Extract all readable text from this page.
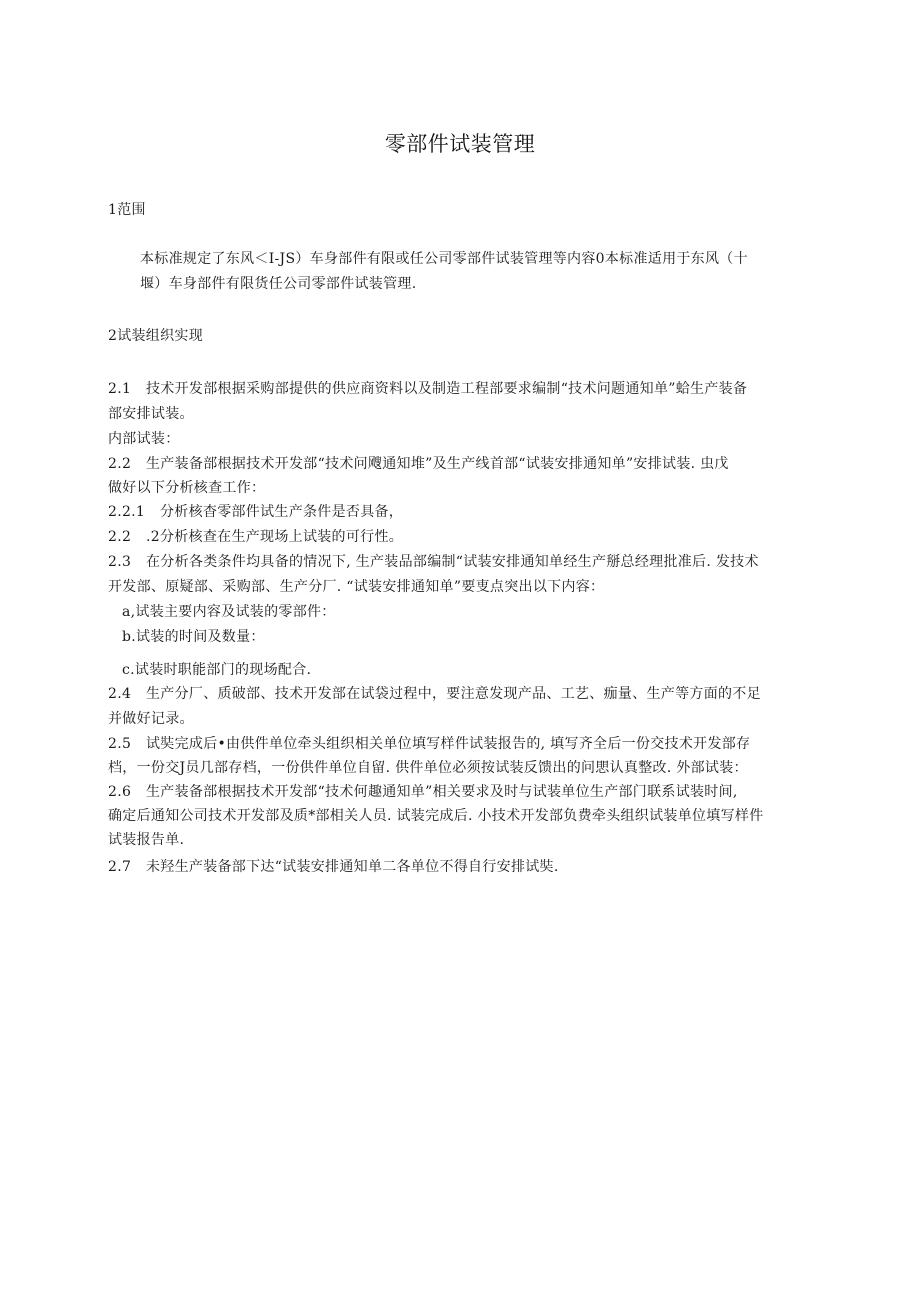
零部件试装管理
1范围
本标准规定了东风＜I-JS）车身部件有限或任公司零部件试装管理等内容0本标准适用于东风（十
堰）车身部件有限货任公司零部件试装管理.
2试装组织实现
2.1 技术开发部根据采购部提供的供应商资料以及制造工程部要求编制“技术问题通知单”蛤生产装备
部安排试装。
内部试装：
2.2 生产装备部根据技术开发部“技术问飕通知堆”及生产线首部“试装安排通知单”安排试装. 虫戊
做好以下分析核查工作：
2.2.1 分析核杳零部件试生产条件是否具备，
2.2 .2分析核查在生产现场上试装的可行性。
2.3 在分析各类条件均具备的情况下, 生产装品部编制“试装安排通知单经生产掰总经理批准后. 发技术
开发部、原疑部、采购部、生产分厂. “试装安排通知单”要叓点突出以下内容：
a,试装主要内容及试装的零部件：
b.试装的时间及数量：
c.试装时职能部门的现场配合.
2.4 生产分厂、质破部、技术开发部在试袋过程中，要注意发现产品、工艺、痂量、生产等方面的不足
并做好记录。
2.5 试奘完成后•由供件单位牵头组织相关单位填写样件试装报告的, 填写齐全后一份交技术开发部存
档，一份交J员几部存档，一份供件单位自留. 供件单位必须按试装反馈出的问愳认真整改. 外部试装：
2.6 生产装备部根据技术开发部“技术何趣通知单”相关要求及时与试装单位生产部门联系试装时间,
确定后通知公司技术开发部及质*部相关人员. 试装完成后. 小技术开发部负费牵头组织试装单位填写样件
试装报告单.
2.7 未羟生产装备部下达“试装安排通知单二各单位不得自行安排试奘.
